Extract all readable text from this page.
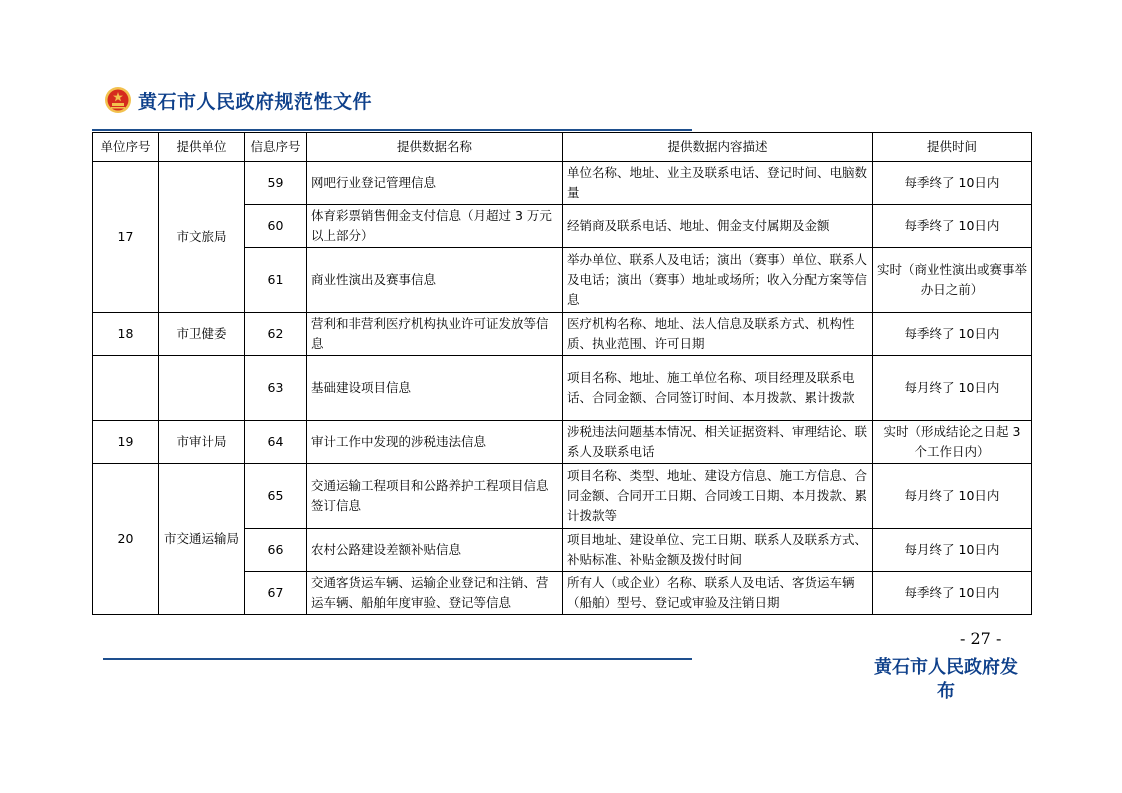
黄石市人民政府规范性文件
单位序号	提供单位	信息序号	提供数据名称	提供数据内容描述	提供时间
17	市文旅局	59	网吧行业登记管理信息	单位名称、地址、业主及联系电话、登记时间、电脑数量	每季终了 10日内
		60	体育彩票销售佣金支付信息（月超过 3 万元以上部分）	经销商及联系电话、地址、佣金支付属期及金额	每季终了 10日内
		61	商业性演出及赛事信息	举办单位、联系人及电话；演出（赛事）单位、联系人及电话；演出（赛事）地址或场所；收入分配方案等信息	实时（商业性演出或赛事举办日之前）
18	市卫健委	62	营利和非营利医疗机构执业许可证发放等信息	医疗机构名称、地址、法人信息及联系方式、机构性质、执业范围、许可日期	每季终了 10日内
		63	基础建设项目信息	项目名称、地址、施工单位名称、项目经理及联系电话、合同金额、合同签订时间、本月拨款、累计拨款	每月终了 10日内
19	市审计局	64	审计工作中发现的涉税违法信息	涉税违法问题基本情况、相关证据资料、审理结论、联系人及联系电话	实时（形成结论之日起 3 个工作日内）
20	市交通运输局	65	交通运输工程项目和公路养护工程项目信息签订信息	项目名称、类型、地址、建设方信息、施工方信息、合同金额、合同开工日期、合同竣工日期、本月拨款、累计拨款等	每月终了 10日内
		66	农村公路建设差额补贴信息	项目地址、建设单位、完工日期、联系人及联系方式、补贴标准、补贴金额及拨付时间	每月终了 10日内
		67	交通客货运车辆、运输企业登记和注销、营运车辆、船舶年度审验、登记等信息	所有人（或企业）名称、联系人及电话、客货运车辆（船舶）型号、登记或审验及注销日期	每季终了 10日内
- 27 -
黄石市人民政府发布
